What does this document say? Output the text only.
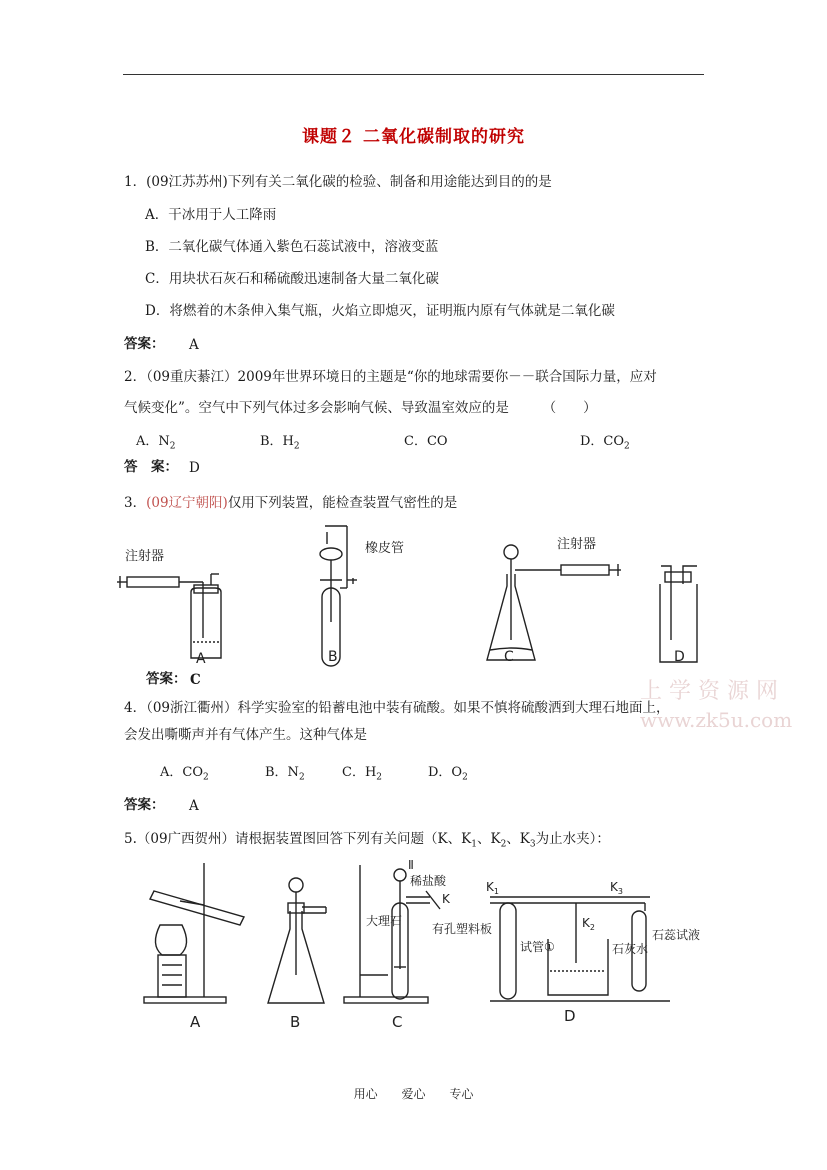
课题２ 二氧化碳制取的研究
1．(09江苏苏州)下列有关二氧化碳的检验、制备和用途能达到目的的是
A．干冰用于人工降雨
B．二氧化碳气体通入紫色石蕊试液中，溶液变蓝
C．用块状石灰石和稀硫酸迅速制备大量二氧化碳
D．将燃着的木条伸入集气瓶，火焰立即熄灭，证明瓶内原有气体就是二氧化碳
答案： A
2．（09重庆綦江）2009年世界环境日的主题是“你的地球需要你－－联合国际力量，应对
气候变化”。空气中下列气体过多会影响气候、导致温室效应的是　　　（　　）
A．$N_2$	B．$H_2$	C．CO	D．$CO_2$
答　案： D
3．(09辽宁朝阳)仅用下列装置，能检查装置气密性的是
注射器
橡皮管	注射器
A	B	C	D
答案： C
4．（09浙江衢州）科学实验室的铅蓄电池中装有硫酸。如果不慎将硫酸洒到大理石地面上，
会发出嘶嘶声并有气体产生。这种气体是
A．$CO_2$	B．$N_2$	C．$H_2$	D．$O_2$
答案： A
5.（09广西贺州）请根据装置图回答下列有关问题（K、$K_1$、$K_2$、$K_3$为止水夹）：
Ⅱ
稀盐酸
K
大理石
有孔塑料板
$K_1$
$K_2$
$K_3$
试管①	石灰水
石蕊试液
A	B	C	D
上 学 资 源 网
www.zk5u.com
用心 爱心 专心
